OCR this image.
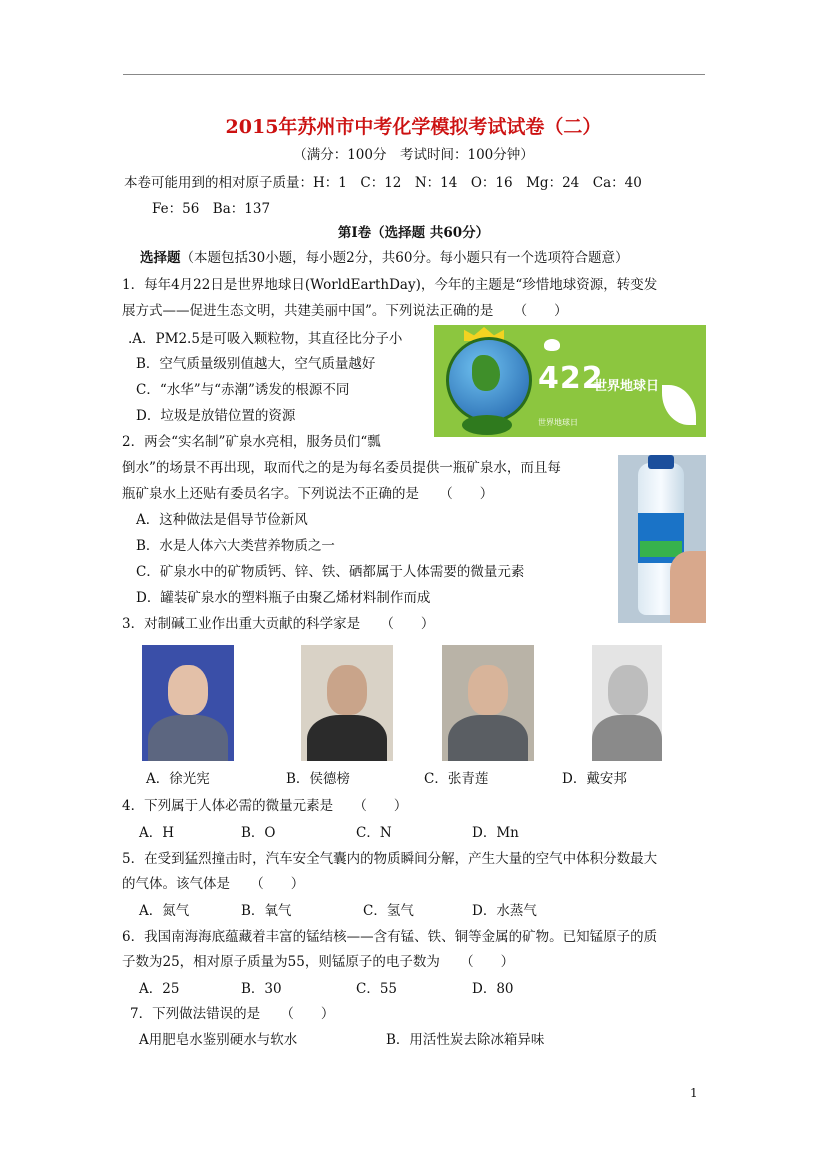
2015年苏州市中考化学模拟考试试卷（二）
（满分：100分　考试时间：100分钟）
本卷可能用到的相对原子质量：H：1　C：12　N：14　O：16　Mg：24　Ca：40
Fe：56　Ba：137
第Ⅰ卷（选择题 共60分）
选择题（本题包括30小题，每小题2分，共60分。每小题只有一个选项符合题意）
1．每年4月22日是世界地球日(WorldEarthDay)，今年的主题是“珍惜地球资源，转变发
展方式——促进生态文明，共建美丽中国”。下列说法正确的是　　（　　）
.A．PM2.5是可吸入颗粒物，其直径比分子小
B．空气质量级别值越大，空气质量越好
C．“水华”与“赤潮”诱发的根源不同
D．垃圾是放错位置的资源
422
世界地球日
世界地球日
2．两会“实名制”矿泉水亮相，服务员们“瓢
倒水”的场景不再出现，取而代之的是为每名委员提供一瓶矿泉水，而且每
瓶矿泉水上还贴有委员名字。下列说法不正确的是　　（　　）
A．这种做法是倡导节俭新风
B．水是人体六大类营养物质之一
C．矿泉水中的矿物质钙、锌、铁、硒都属于人体需要的微量元素
D．罐装矿泉水的塑料瓶子由聚乙烯材料制作而成
3．对制碱工业作出重大贡献的科学家是　　（　　）
A．徐光宪	B．侯德榜	C．张青莲	D．戴安邦
4．下列属于人体必需的微量元素是　　（　　）
A．H	B．O	C．N	D．Mn
5．在受到猛烈撞击时，汽车安全气囊内的物质瞬间分解，产生大量的空气中体积分数最大
的气体。该气体是　　（　　）
A．氮气	B．氧气	C．氢气	D．水蒸气
6．我国南海海底蕴藏着丰富的锰结核——含有锰、铁、铜等金属的矿物。已知锰原子的质
子数为25，相对原子质量为55，则锰原子的电子数为　　（　　）
A．25	B．30	C．55	D．80
7．下列做法错误的是　　（　　）
A用肥皂水鉴别硬水与软水	B．用活性炭去除冰箱异味
1
